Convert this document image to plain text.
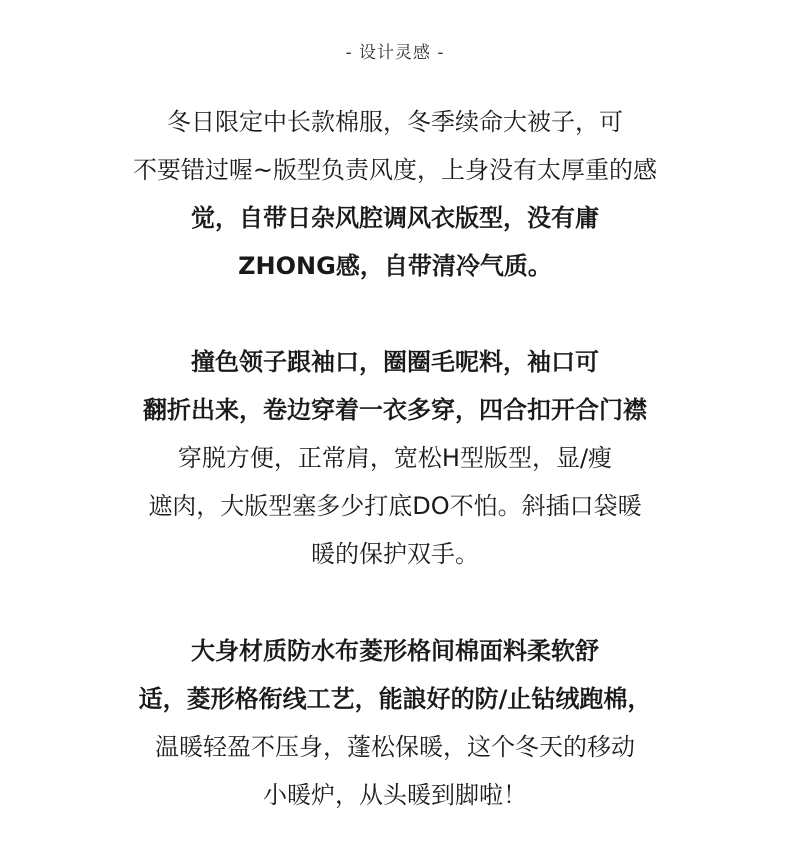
- 设计灵感 -
冬日限定中长款棉服，冬季续命大被子，可
不要错过喔~版型负责风度，上身没有太厚重的感
觉，自带日杂风腔调风衣版型，没有庸
ZHONG感，自带清冷气质。
撞色领子跟袖口，圈圈毛呢料，袖口可
翻折出来，卷边穿着一衣多穿，四合扣开合门襟
穿脱方便，正常肩，宽松H型版型，显/瘦
遮肉，大版型塞多少打底DO不怕。斜插口袋暖
暖的保护双手。
大身材质防水布菱形格间棉面料柔软舒
适，菱形格衔线工艺，能誏好的防/止钻绒跑棉，
温暖轻盈不压身，蓬松保暖，这个冬天的移动
小暖炉，从头暖到脚啦！
